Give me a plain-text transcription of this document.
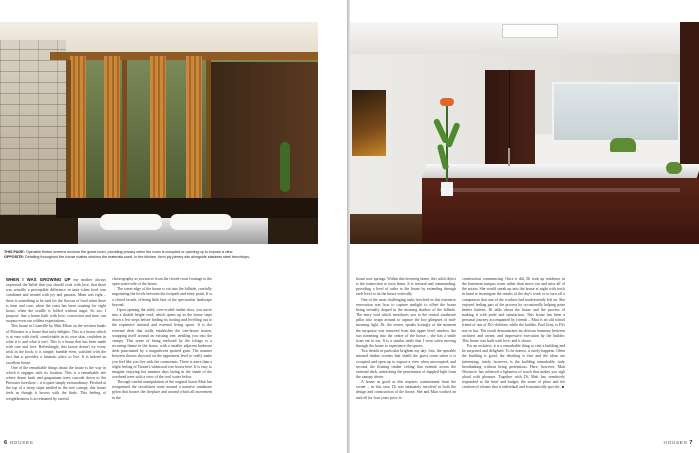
THIS PAGE: Operable timber screens enclose the guest room, providing privacy when the room is occupied or opening up to expose a view.
OPPOSITE: Detailing throughout the house makes obvious the materials used. In the kitchen, form-ply joinery sits alongside stainless steel benchtops.

WHEN I WAS GROWING UP my mother always expressed the belief that you should cook with love, that there was actually a perceptible difference in taste when food was combined and treated with joy and passion. Mum was right – there is something to be said for the flavour of food when there is time and care, when the roast has been roasting for eight hours, when the souffle is folded without angst. So too, I propose, that a home built with love, conviction and time can surpass even our wildest expectations.

This house in Cranville by Matt Elkan on the western banks of Pittwater is a house that truly delights. This is a house which is at ease with itself, comfortable in its own skin, confident in what it is and what it isn't. This is a house that has been made with care and love. Refreshingly, this house doesn't try every trick in the book; it is simple, humble even, satisfied with the fact that it provides a fantastic place to live. It is indeed an excellent house.

One of the remarkable things about the house is the way in which it engages with its location. This is a remarkable site where dense bush and gargantuan trees cascade down to the Pittwater foreshore – it is quite simply extraordinary. Perched at the top of a steep slope nestled in the tree canopy, this house feels as though it hovers with the birds. This feeling of weightlessness is accentuated by careful

choreography as you move from the closed-roost frontage to the open water-side of the house.

The street edge of the house is cut into the hillside, carefully negotiating the levels between the footpath and entry point. It is a closed facade, offering little hint of the spectacular landscape beyond.

Upon opening the solid, over-scaled timber door, you move into a double height void, which opens up as the house steps down a few steps before finding its footing and levelling out to the expansive internal and external living space. It is the external deck that really establishes the tree-house notion, wrapping itself around an existing tree, nestling you into the canopy. This sense of being enclosed by the foliage is a recurring theme in the house, with a smaller adjacent barbecue deck punctuated by a magnificent spotted gum. The manner between thrusts skyward on the uppermost level to really make you feel like you live with the cormorants. There is more than a slight feeling of Tarzan's whimsical tree house here. It is easy to imagine enjoying hot summer days lazing in the shade of the overhead trees with a view of the cool water below.

Through careful manipulation of the original house Matt has reorganised the circulation route around a massive sandstone pylon that houses the fireplace and around which all movement in the

6 HOUSES

house now springs. Within this hovering home, this solid object is the connection to terra firma. It is textural and commanding, providing a level of order to the house by extending through each level to tie the house vertically.

One of the most challenging tasks involved in this extensive renovation was how to capture sunlight to offset the house being virtually draped in the morning shadow of the hillside. The entry void which introduces you to the central sandstone pillar also wraps around to capture the low glimpses of mid-morning light. Dr, the owner, speaks lovingly of the moment the turquoise was removed from this upper level window, the sun streaming into the centre of the house – she has a smile from ear to ear. It is a similar smile that I wear when moving through the house to experience the spaces.

Two details in particular brighten my day: first, the operable internal timber screens that shield the guest room when it is occupied and open up to expose a view when unoccupied; and second, the floating timber ceiling that extends across the external deck, mimicking the penetration of dappled light from the canopy above.

A house as good as this requires commitment from the owner – in this case, Di was intimately involved in both the design and construction of the house. She and Matt worked on and off for four years prior to

construction commencing. Once it did, Di took up residence in the basement rumpus room rather than move out and miss all of the action. She would sneak up into the house at night with torch in hand to investigate the results of the day's work or to turn off a compressor that one of the workers had inadvertently left on. She enjoyed feeling part of the process by occasionally helping paint timber battens. Di talks about the house and the process of making it with pride and satisfaction. This house has been a personal journey accompanied by friends – Matt is an old school friend of one of Di's children, while the builder, Paul Gray, is Di's son in law. The result demonstrates an obvious harmony between architect and owner, and impressive execution by the builder. This house was built with love, and it shows.

For an architect, it is a remarkable thing to visit a building and be surprised and delighted. To be honest, it rarely happens. Often the building is good, the detailing is fine and the ideas are interesting; rarely, however, is the building remarkable, truly breathtaking without being pretentious. Here, however, Matt Woonrow has achieved a lightness of touch that makes you sigh aloud with pleasure. Together with Di, Matt has sensitively responded to the brief and budget, the sense of place and the creation of a home that is individual and economically specific. ■

HOUSES 7
